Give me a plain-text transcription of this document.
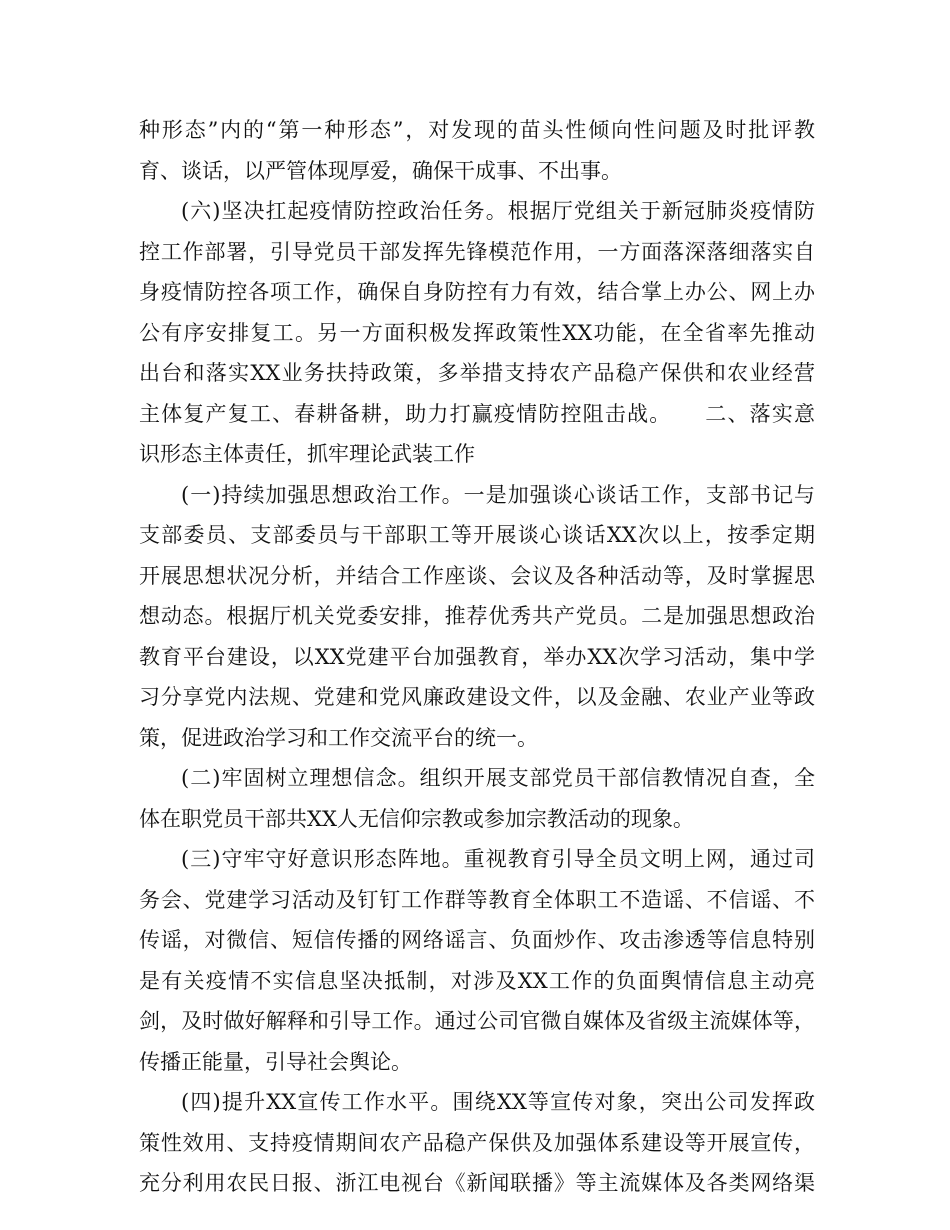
种形态”内的“第一种形态”，对发现的苗头性倾向性问题及时批评教
育、谈话，以严管体现厚爱，确保干成事、不出事。
(六)坚决扛起疫情防控政治任务。根据厅党组关于新冠肺炎疫情防
控工作部署，引导党员干部发挥先锋模范作用，一方面落深落细落实自
身疫情防控各项工作，确保自身防控有力有效，结合掌上办公、网上办
公有序安排复工。另一方面积极发挥政策性XX功能，在全省率先推动
出台和落实XX业务扶持政策，多举措支持农产品稳产保供和农业经营
主体复产复工、春耕备耕，助力打赢疫情防控阻击战。　　二、落实意
识形态主体责任，抓牢理论武装工作
(一)持续加强思想政治工作。一是加强谈心谈话工作，支部书记与
支部委员、支部委员与干部职工等开展谈心谈话XX次以上，按季定期
开展思想状况分析，并结合工作座谈、会议及各种活动等，及时掌握思
想动态。根据厅机关党委安排，推荐优秀共产党员。二是加强思想政治
教育平台建设，以XX党建平台加强教育，举办XX次学习活动，集中学
习分享党内法规、党建和党风廉政建设文件，以及金融、农业产业等政
策，促进政治学习和工作交流平台的统一。
(二)牢固树立理想信念。组织开展支部党员干部信教情况自查，全
体在职党员干部共XX人无信仰宗教或参加宗教活动的现象。
(三)守牢守好意识形态阵地。重视教育引导全员文明上网，通过司
务会、党建学习活动及钉钉工作群等教育全体职工不造谣、不信谣、不
传谣，对微信、短信传播的网络谣言、负面炒作、攻击渗透等信息特别
是有关疫情不实信息坚决抵制，对涉及XX工作的负面舆情信息主动亮
剑，及时做好解释和引导工作。通过公司官微自媒体及省级主流媒体等，
传播正能量，引导社会舆论。
(四)提升XX宣传工作水平。围绕XX等宣传对象，突出公司发挥政
策性效用、支持疫情期间农产品稳产保供及加强体系建设等开展宣传，
充分利用农民日报、浙江电视台《新闻联播》等主流媒体及各类网络渠
